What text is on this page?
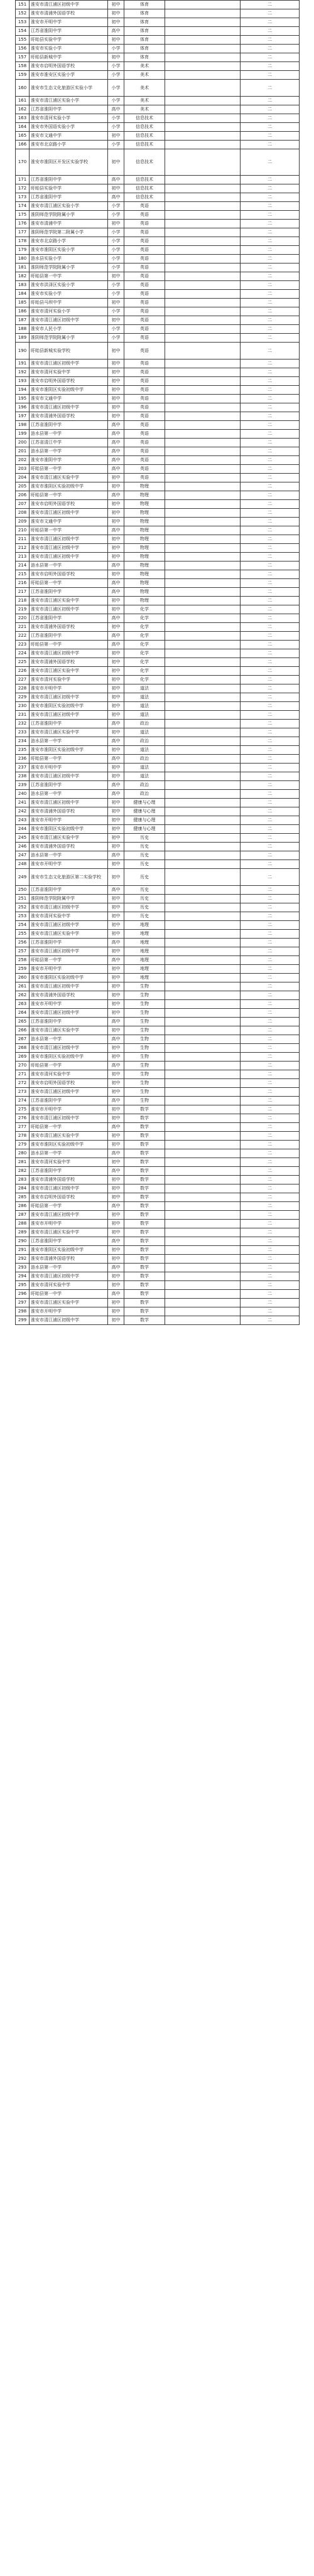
151	淮安市清江浦区初级中学	初中	体育		二
152	淮安市清浦外国语学校	初中	体育		二
153	淮安市开明中学	初中	体育		二
154	江苏省淮阴中学	高中	体育		二
155	盱眙县实验中学	初中	体育		二
156	淮安市实验小学	小学	体育		二
157	盱眙县新城中学	初中	体育		二
158	淮安市启明外国语学校	小学	美术		二
159	淮安市淮安区实验小学	小学	美术		二
160	淮安市生态文化旅游区实验小学	小学	美术		二
161	淮安市清江浦区实验小学	小学	美术		二
162	江苏省淮阴中学	高中	美术		二
163	淮安市清河实验小学	小学	信息技术		二
164	淮安市外国语实验小学	小学	信息技术		二
165	淮安市文通中学	初中	信息技术		二
166	淮安市北京路小学	小学	信息技术		二
170	淮安市淮阴区开发区实验学校	初中	信息技术		二
171	江苏省淮阴中学	高中	信息技术		二
172	盱眙县实验中学	初中	信息技术		二
173	江苏省淮阴中学	高中	信息技术		二
174	淮安市清江浦区实验小学	小学	英语		二
175	淮阴师范学院附属小学	小学	英语		二
176	淮安市清浦中学	初中	英语		二
177	淮阴师范学院第二附属小学	小学	英语		二
178	淮安市北京路小学	小学	英语		二
179	淮安市淮阴区实验小学	小学	英语		二
180	涟水县实验小学	小学	英语		二
181	淮阴师范学院附属小学	小学	英语		二
182	盱眙县第一中学	初中	英语		二
183	淮安市洪泽区实验小学	小学	英语		二
184	淮安市实验小学	小学	英语		二
185	盱眙县马坝中学	初中	英语		二
186	淮安市清河实验小学	小学	英语		二
187	淮安市清江浦区初级中学	初中	英语		二
188	淮安市人民小学	小学	英语		二
189	淮阴师范学院附属小学	小学	英语		二
190	盱眙县新城实验学校	初中	英语		二
191	淮安市清江浦区初级中学	初中	英语		二
192	淮安市清河实验中学	初中	英语		二
193	淮安市启明外国语学校	初中	英语		二
194	淮安市淮阴区实验初级中学	初中	英语		二
195	淮安市文通中学	初中	英语		二
196	淮安市清江浦区初级中学	初中	英语		二
197	淮安市清浦外国语学校	初中	英语		二
198	江苏省淮阴中学	高中	英语		二
199	涟水县第一中学	高中	英语		二
200	江苏省清江中学	高中	英语		二
201	涟水县第一中学	高中	英语		二
202	淮安市淮阴中学	高中	英语		二
203	盱眙县第一中学	高中	英语		二
204	淮安市清江浦区实验中学	初中	英语		二
205	淮安市淮阴区实验初级中学	初中	物理		二
206	盱眙县第一中学	高中	物理		二
207	淮安市启明外国语学校	初中	物理		二
208	淮安市清江浦区初级中学	初中	物理		二
209	淮安市文通中学	初中	物理		二
210	盱眙县第一中学	高中	物理		二
211	淮安市清江浦区初级中学	初中	物理		二
212	淮安市清江浦区初级中学	初中	物理		二
213	淮安市清江浦区初级中学	初中	物理		二
214	涟水县第一中学	高中	物理		二
215	淮安市启明外国语学校	初中	物理		二
216	盱眙县第一中学	高中	物理		二
217	江苏省淮阴中学	高中	物理		二
218	淮安市清江浦区实验中学	初中	物理		二
219	淮安市清江浦区初级中学	初中	化学		二
220	江苏省淮阴中学	高中	化学		二
221	淮安市清浦外国语学校	初中	化学		二
222	江苏省淮阴中学	高中	化学		二
223	盱眙县第一中学	高中	化学		二
224	淮安市清江浦区初级中学	初中	化学		二
225	淮安市清浦外国语学校	初中	化学		二
226	淮安市清江浦区实验中学	初中	化学		二
227	淮安市清河实验中学	初中	化学		二
228	淮安市开明中学	初中	道法		二
229	淮安市清江浦区初级中学	初中	道法		二
230	淮安市淮阴区实验初级中学	初中	道法		二
231	淮安市清江浦区初级中学	初中	道法		二
232	江苏省淮阴中学	高中	政治		二
233	淮安市清江浦区实验中学	初中	道法		二
234	涟水县第一中学	高中	政治		二
235	淮安市淮阴区实验初级中学	初中	道法		二
236	盱眙县第一中学	高中	政治		二
237	淮安市开明中学	初中	道法		二
238	淮安市清江浦区初级中学	初中	道法		二
239	江苏省淮阴中学	高中	政治		二
240	涟水县第一中学	高中	政治		二
241	淮安市清江浦区初级中学	初中	健康与心理		二
242	淮安市清浦外国语学校	初中	健康与心理		二
243	淮安市开明中学	初中	健康与心理		二
244	淮安市淮阴区实验初级中学	初中	健康与心理		二
245	淮安市清江浦区实验中学	初中	历史		二
246	淮安市清浦外国语学校	初中	历史		二
247	涟水县第一中学	高中	历史		二
248	淮安市开明中学	初中	历史		二
249	淮安市生态文化旅游区第二实验学校	初中	历史		二
250	江苏省淮阴中学	高中	历史		二
251	淮阴师范学院附属中学	初中	历史		二
252	淮安市清江浦区初级中学	初中	历史		二
253	淮安市清河实验中学	初中	历史		二
254	淮安市清江浦区初级中学	初中	地理		二
255	淮安市清江浦区实验中学	初中	地理		二
256	江苏省淮阴中学	高中	地理		二
257	淮安市清江浦区初级中学	初中	地理		二
258	盱眙县第一中学	高中	地理		二
259	淮安市开明中学	初中	地理		二
260	淮安市淮阴区实验初级中学	初中	地理		二
261	淮安市清江浦区初级中学	初中	生物		二
262	淮安市清浦外国语学校	初中	生物		二
263	淮安市开明中学	初中	生物		二
264	淮安市清江浦区初级中学	初中	生物		二
265	江苏省淮阴中学	高中	生物		二
266	淮安市清江浦区实验中学	初中	生物		二
267	涟水县第一中学	高中	生物		二
268	淮安市清江浦区初级中学	初中	生物		二
269	淮安市淮阴区实验初级中学	初中	生物		二
270	盱眙县第一中学	高中	生物		二
271	淮安市清河实验中学	初中	生物		二
272	淮安市启明外国语学校	初中	生物		二
273	淮安市清江浦区初级中学	初中	生物		二
274	江苏省淮阴中学	高中	生物		二
275	淮安市开明中学	初中	数学		二
276	淮安市清江浦区初级中学	初中	数学		二
277	盱眙县第一中学	高中	数学		二
278	淮安市清江浦区实验中学	初中	数学		二
279	淮安市淮阴区实验初级中学	初中	数学		二
280	涟水县第一中学	高中	数学		二
281	淮安市清河实验中学	初中	数学		二
282	江苏省淮阴中学	高中	数学		二
283	淮安市清浦外国语学校	初中	数学		二
284	淮安市清江浦区初级中学	初中	数学		二
285	淮安市启明外国语学校	初中	数学		二
286	盱眙县第一中学	高中	数学		二
287	淮安市清江浦区初级中学	初中	数学		二
288	淮安市开明中学	初中	数学		二
289	淮安市清江浦区实验中学	初中	数学		二
290	江苏省淮阴中学	高中	数学		二
291	淮安市淮阴区实验初级中学	初中	数学		二
292	淮安市清浦外国语学校	初中	数学		二
293	涟水县第一中学	高中	数学		二
294	淮安市清江浦区初级中学	初中	数学		二
295	淮安市清河实验中学	初中	数学		二
296	盱眙县第一中学	高中	数学		二
297	淮安市清江浦区实验中学	初中	数学		二
298	淮安市开明中学	初中	数学		二
299	淮安市清江浦区初级中学	初中	数学		二
